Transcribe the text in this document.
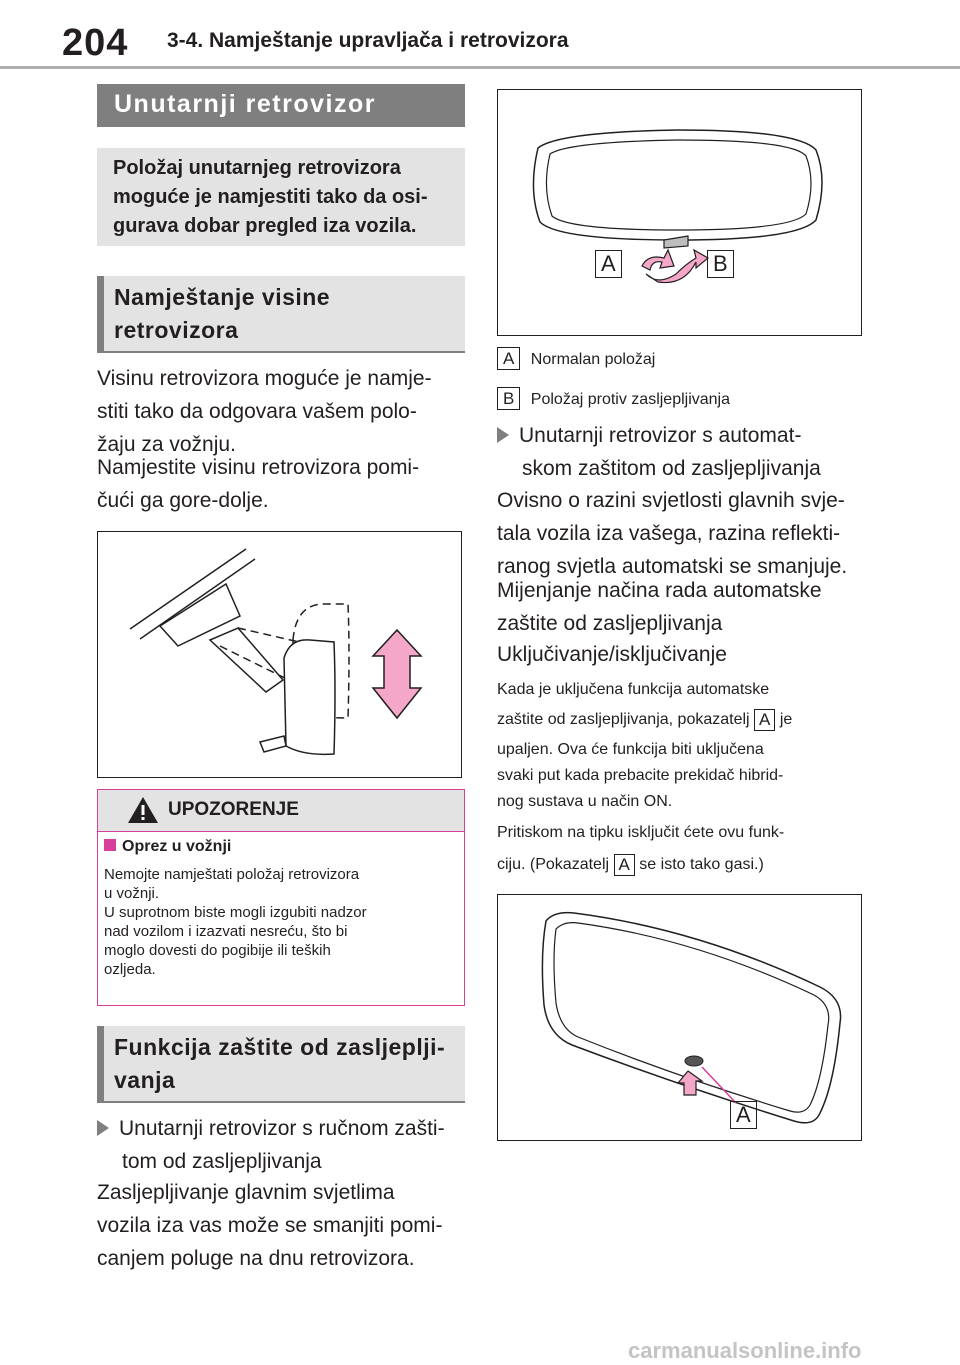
204 3-4. Namještanje upravljača i retrovizora
Unutarnji retrovizor
Položaj unutarnjeg retrovizora
moguće je namjestiti tako da osi-
gurava dobar pregled iza vozila.
Namještanje visine
retrovizora
Visinu retrovizora moguće je namje-
stiti tako da odgovara vašem polo-
žaju za vožnju.
Namjestite visinu retrovizora pomi-
čući ga gore-dolje.
UPOZORENJE
Oprez u vožnji
Nemojte namještati položaj retrovizora
u vožnji.
U suprotnom biste mogli izgubiti nadzor
nad vozilom i izazvati nesreću, što bi
moglo dovesti do pogibije ili teških
ozljeda.
Funkcija zaštite od zasljeplji-
vanja
Unutarnji retrovizor s ručnom zašti-
tom od zasljepljivanja
Zasljepljivanje glavnim svjetlima
vozila iza vas može se smanjiti pomi-
canjem poluge na dnu retrovizora.
A	B
A Normalan položaj
B Položaj protiv zasljepljivanja
Unutarnji retrovizor s automat-
skom zaštitom od zasljepljivanja
Ovisno o razini svjetlosti glavnih svje-
tala vozila iza vašega, razina reflekti-
ranog svjetla automatski se smanjuje.
Mijenjanje načina rada automatske
zaštite od zasljepljivanja
Uključivanje/isključivanje
Kada je uključena funkcija automatske
zaštite od zasljepljivanja, pokazatelj A je
upaljen. Ova će funkcija biti uključena
svaki put kada prebacite prekidač hibrid-
nog sustava u način ON.
Pritiskom na tipku isključit ćete ovu funk-
ciju. (Pokazatelj A se isto tako gasi.)
A
carmanualsonline.info
